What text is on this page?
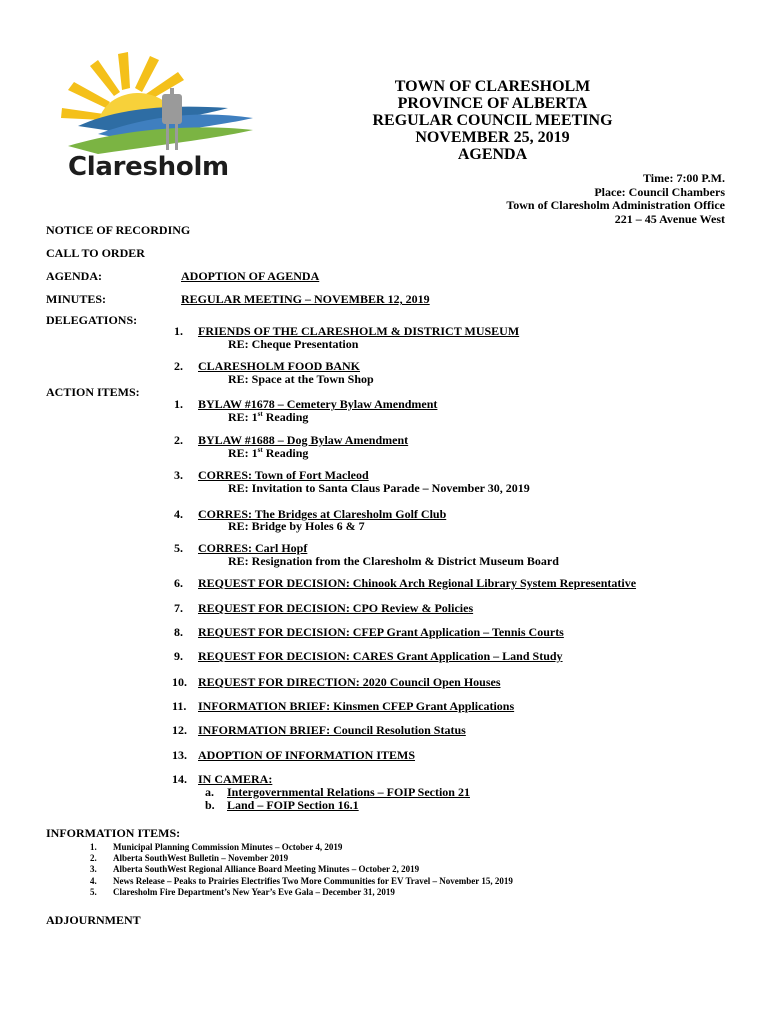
Claresholm
TOWN OF CLARESHOLM
PROVINCE OF ALBERTA
REGULAR COUNCIL MEETING
NOVEMBER 25, 2019
AGENDA
Time: 7:00 P.M.
Place: Council Chambers
Town of Claresholm Administration Office
221 – 45 Avenue West
NOTICE OF RECORDING
CALL TO ORDER
AGENDA:	ADOPTION OF AGENDA
MINUTES:	REGULAR MEETING – NOVEMBER 12, 2019
DELEGATIONS:
1. FRIENDS OF THE CLARESHOLM & DISTRICT MUSEUM
RE: Cheque Presentation
2. CLARESHOLM FOOD BANK
RE: Space at the Town Shop
ACTION ITEMS:
1. BYLAW #1678 – Cemetery Bylaw Amendment
RE: 1st Reading
2. BYLAW #1688 – Dog Bylaw Amendment
RE: 1st Reading
3. CORRES: Town of Fort Macleod
RE: Invitation to Santa Claus Parade – November 30, 2019
4. CORRES: The Bridges at Claresholm Golf Club
RE: Bridge by Holes 6 & 7
5. CORRES: Carl Hopf
RE: Resignation from the Claresholm & District Museum Board
6. REQUEST FOR DECISION: Chinook Arch Regional Library System Representative
7. REQUEST FOR DECISION: CPO Review & Policies
8. REQUEST FOR DECISION: CFEP Grant Application – Tennis Courts
9. REQUEST FOR DECISION: CARES Grant Application – Land Study
10. REQUEST FOR DIRECTION: 2020 Council Open Houses
11. INFORMATION BRIEF: Kinsmen CFEP Grant Applications
12. INFORMATION BRIEF: Council Resolution Status
13. ADOPTION OF INFORMATION ITEMS
14. IN CAMERA:
a. Intergovernmental Relations – FOIP Section 21
b. Land – FOIP Section 16.1
INFORMATION ITEMS:
1. Municipal Planning Commission Minutes – October 4, 2019
2. Alberta SouthWest Bulletin – November 2019
3. Alberta SouthWest Regional Alliance Board Meeting Minutes – October 2, 2019
4. News Release – Peaks to Prairies Electrifies Two More Communities for EV Travel – November 15, 2019
5. Claresholm Fire Department’s New Year’s Eve Gala – December 31, 2019
ADJOURNMENT
